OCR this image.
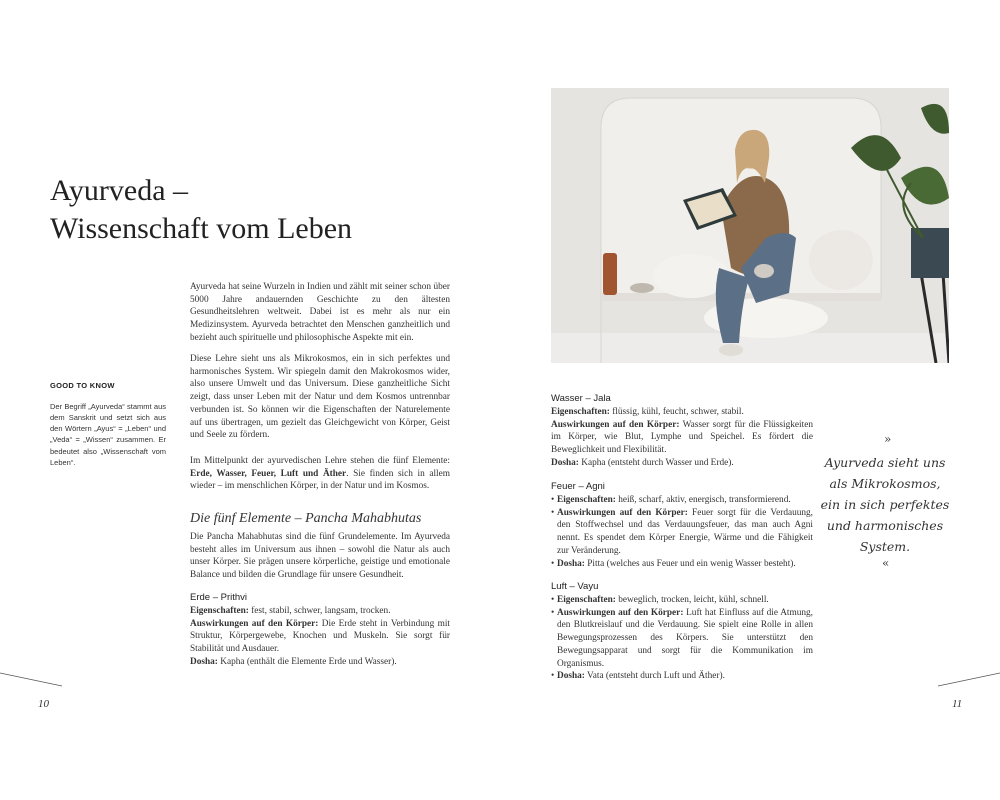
Ayurveda –
Wissenschaft vom Leben
GOOD TO KNOW

Der Begriff „Ayurveda“ stammt aus dem Sanskrit und setzt sich aus den Wörtern „Ayus“ = „Leben“ und „Veda“ = „Wissen“ zusammen. Er bedeutet also „Wissenschaft vom Leben“.

Ayurveda hat seine Wurzeln in Indien und zählt mit seiner schon über 5000 Jahre andauernden Geschichte zu den ältesten Gesundheitslehren weltweit. Dabei ist es mehr als nur ein Medizinsystem. Ayurveda betrachtet den Menschen ganzheitlich und bezieht auch spirituelle und philosophische Aspekte mit ein.

Diese Lehre sieht uns als Mikrokosmos, ein in sich perfektes und harmonisches System. Wir spiegeln damit den Makrokosmos wider, also unsere Umwelt und das Universum. Diese ganzheitliche Sicht zeigt, dass unser Leben mit der Natur und dem Kosmos untrennbar verbunden ist. So können wir die Eigenschaften der Naturelemente auf uns übertragen, um gezielt das Gleichgewicht von Körper, Geist und Seele zu fördern.

Im Mittelpunkt der ayurvedischen Lehre stehen die fünf Elemente: Erde, Wasser, Feuer, Luft und Äther. Sie finden sich in allem wieder – im menschlichen Körper, in der Natur und im Kosmos.

Die fünf Elemente – Pancha Mahabhutas

Die Pancha Mahabhutas sind die fünf Grundelemente. Im Ayurveda besteht alles im Universum aus ihnen – sowohl die Natur als auch unser Körper. Sie prägen unsere körperliche, geistige und emotionale Balance und bilden die Grundlage für unsere Gesundheit.

Erde – Prithvi

Eigenschaften: fest, stabil, schwer, langsam, trocken.

Auswirkungen auf den Körper: Die Erde steht in Verbindung mit Struktur, Körpergewebe, Knochen und Muskeln. Sie sorgt für Stabilität und Ausdauer.

Dosha: Kapha (enthält die Elemente Erde und Wasser).

10	11
Wasser – Jala

Eigenschaften: flüssig, kühl, feucht, schwer, stabil.

Auswirkungen auf den Körper: Wasser sorgt für die Flüssigkeiten im Körper, wie Blut, Lymphe und Speichel. Es fördert die Beweglichkeit und Flexibilität.

Dosha: Kapha (entsteht durch Wasser und Erde).

Feuer – Agni
• Eigenschaften: heiß, scharf, aktiv, energisch, transformierend.
• Auswirkungen auf den Körper: Feuer sorgt für die Verdauung, den Stoffwechsel und das Verdauungsfeuer, das man auch Agni nennt. Es spendet dem Körper Energie, Wärme und die Fähigkeit zur Veränderung.
• Dosha: Pitta (welches aus Feuer und ein wenig Wasser besteht).
Luft – Vayu
• Eigenschaften: beweglich, trocken, leicht, kühl, schnell.
• Auswirkungen auf den Körper: Luft hat Einfluss auf die Atmung, den Blutkreislauf und die Verdauung. Sie spielt eine Rolle in allen Bewegungsprozessen des Körpers. Sie unterstützt den Bewegungsapparat und sorgt für die Kommunikation im Organismus.
• Dosha: Vata (entsteht durch Luft und Äther).
»
Ayurveda sieht uns als Mikrokosmos, ein in sich perfektes und harmonisches System.
«
